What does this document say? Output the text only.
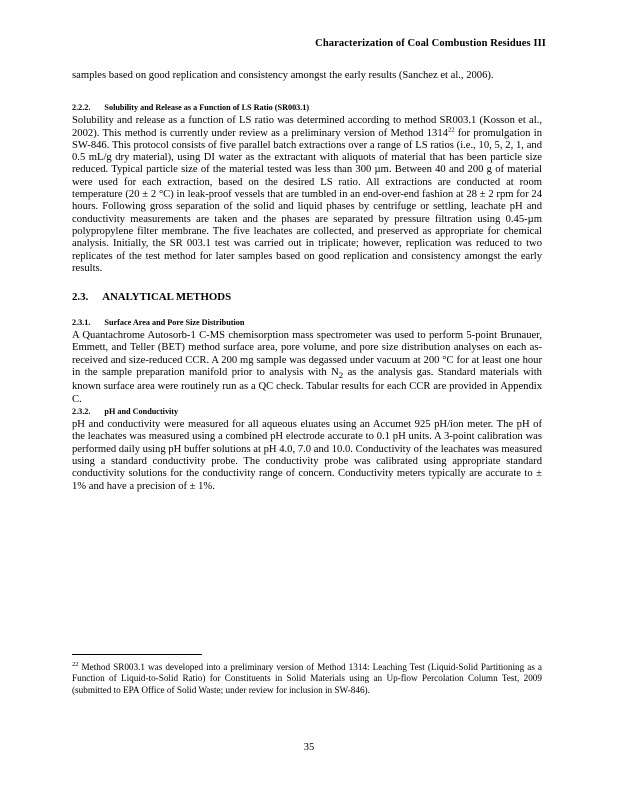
Characterization of Coal Combustion Residues III

samples based on good replication and consistency amongst the early results (Sanchez et al., 2006).

2.2.2. Solubility and Release as a Function of LS Ratio (SR003.1)

Solubility and release as a function of LS ratio was determined according to method SR003.1 (Kosson et al., 2002). This method is currently under review as a preliminary version of Method 1314$^{22}$ for promulgation in SW-846. This protocol consists of five parallel batch extractions over a range of LS ratios (i.e., 10, 5, 2, 1, and 0.5 mL/g dry material), using DI water as the extractant with aliquots of material that has been particle size reduced. Typical particle size of the material tested was less than 300 µm. Between 40 and 200 g of material were used for each extraction, based on the desired LS ratio. All extractions are conducted at room temperature (20 ± 2 °C) in leak-proof vessels that are tumbled in an end-over-end fashion at 28 ± 2 rpm for 24 hours. Following gross separation of the solid and liquid phases by centrifuge or settling, leachate pH and conductivity measurements are taken and the phases are separated by pressure filtration using 0.45-µm polypropylene filter membrane. The five leachates are collected, and preserved as appropriate for chemical analysis. Initially, the SR 003.1 test was carried out in triplicate; however, replication was reduced to two replicates of the test method for later samples based on good replication and consistency amongst the early results.

2.3. ANALYTICAL METHODS
2.3.1. Surface Area and Pore Size Distribution

A Quantachrome Autosorb-1 C-MS chemisorption mass spectrometer was used to perform 5-point Brunauer, Emmett, and Teller (BET) method surface area, pore volume, and pore size distribution analyses on each as-received and size-reduced CCR. A 200 mg sample was degassed under vacuum at 200 °C for at least one hour in the sample preparation manifold prior to analysis with $N_2$ as the analysis gas. Standard materials with known surface area were routinely run as a QC check. Tabular results for each CCR are provided in Appendix C.

2.3.2. pH and Conductivity

pH and conductivity were measured for all aqueous eluates using an Accumet 925 pH/ion meter. The pH of the leachates was measured using a combined pH electrode accurate to 0.1 pH units. A 3-point calibration was performed daily using pH buffer solutions at pH 4.0, 7.0 and 10.0. Conductivity of the leachates was measured using a standard conductivity probe. The conductivity probe was calibrated using appropriate standard conductivity solutions for the conductivity range of concern. Conductivity meters typically are accurate to ± 1% and have a precision of ± 1%.

$^{22}$ Method SR003.1 was developed into a preliminary version of Method 1314: Leaching Test (Liquid-Solid Partitioning as a Function of Liquid-to-Solid Ratio) for Constituents in Solid Materials using an Up-flow Percolation Column Test, 2009 (submitted to EPA Office of Solid Waste; under review for inclusion in SW-846).

35
